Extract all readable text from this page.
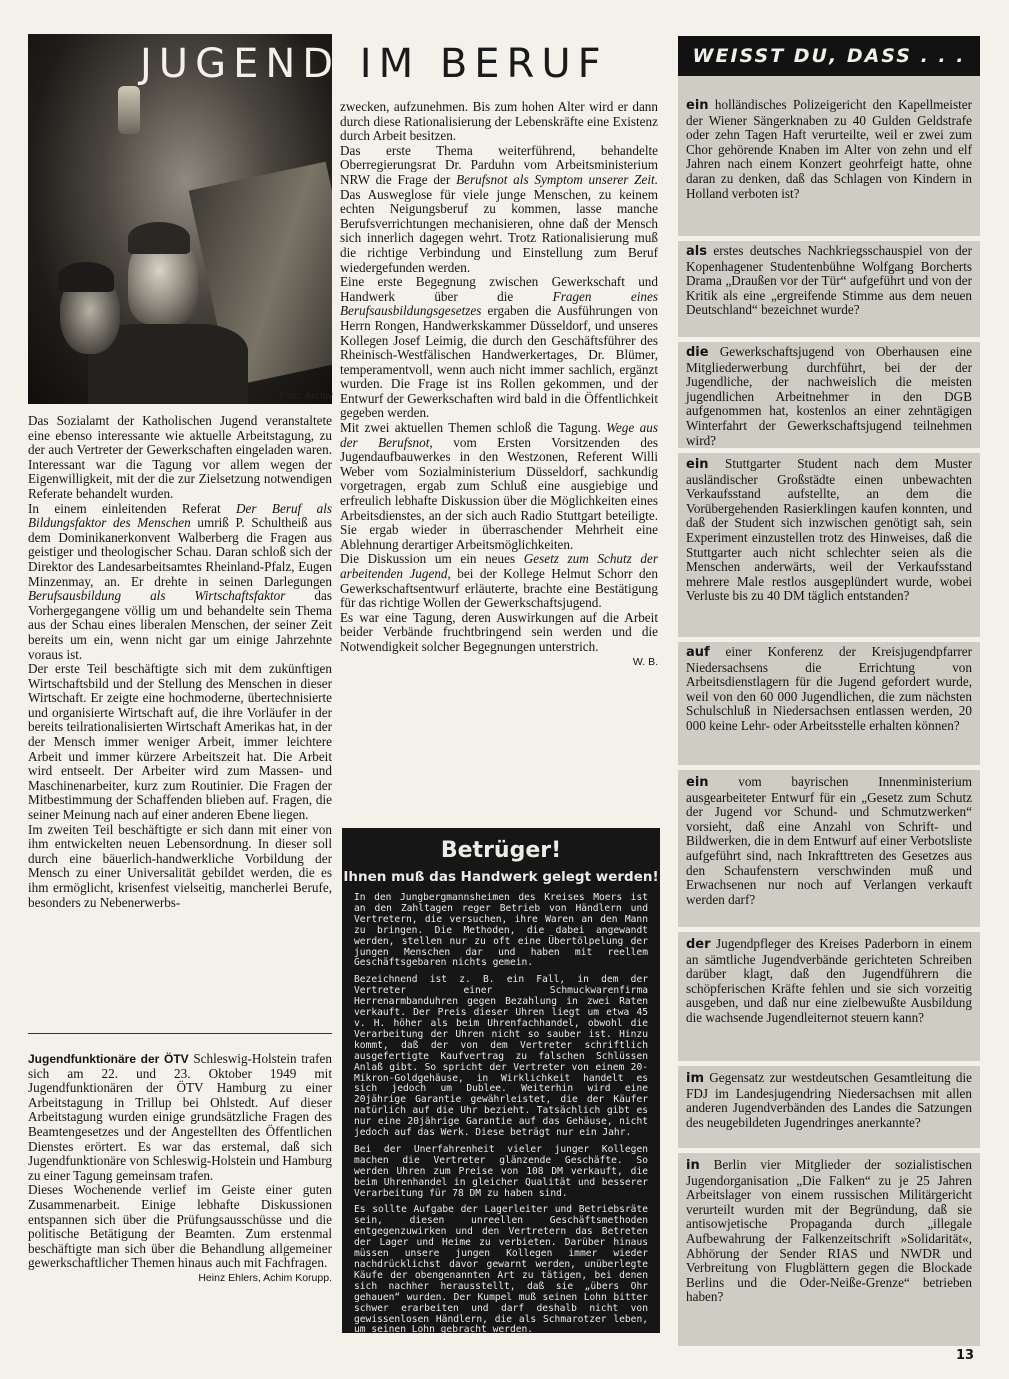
JUGEND IM BERUF
Foto: Archiv

Das Sozialamt der Katholischen Jugend veranstaltete eine ebenso interessante wie aktuelle Arbeitstagung, zu der auch Vertreter der Gewerkschaften eingeladen waren. Interessant war die Tagung vor allem wegen der Eigenwilligkeit, mit der die zur Zielsetzung notwendigen Referate behandelt wurden.

In einem einleitenden Referat Der Beruf als Bildungsfaktor des Menschen umriß P. Schultheiß aus dem Dominikanerkonvent Walberberg die Fragen aus geistiger und theologischer Schau. Daran schloß sich der Direktor des Landesarbeitsamtes Rheinland-Pfalz, Eugen Minzenmay, an. Er drehte in seinen Darlegungen Berufsausbildung als Wirtschaftsfaktor das Vorhergegangene völlig um und behandelte sein Thema aus der Schau eines liberalen Menschen, der seiner Zeit bereits um ein, wenn nicht gar um einige Jahrzehnte voraus ist.

Der erste Teil beschäftigte sich mit dem zukünftigen Wirtschaftsbild und der Stellung des Menschen in dieser Wirtschaft. Er zeigte eine hochmoderne, übertechnisierte und organisierte Wirtschaft auf, die ihre Vorläufer in der bereits teilrationalisierten Wirtschaft Amerikas hat, in der der Mensch immer weniger Arbeit, immer leichtere Arbeit und immer kürzere Arbeitszeit hat. Die Arbeit wird entseelt. Der Arbeiter wird zum Massen- und Maschinenarbeiter, kurz zum Routinier. Die Fragen der Mitbestimmung der Schaffenden blieben auf. Fragen, die seiner Meinung nach auf einer anderen Ebene liegen.

Im zweiten Teil beschäftigte er sich dann mit einer von ihm entwickelten neuen Lebensordnung. In dieser soll durch eine bäuerlich-handwerkliche Vorbildung der Mensch zu einer Universalität gebildet werden, die es ihm ermöglicht, krisenfest vielseitig, mancherlei Berufe, besonders zu Nebenerwerbs-

Jugendfunktionäre der ÖTV Schleswig-Holstein trafen sich am 22. und 23. Oktober 1949 mit Jugendfunktionären der ÖTV Hamburg zu einer Arbeitstagung in Trillup bei Ohlstedt. Auf dieser Arbeitstagung wurden einige grundsätzliche Fragen des Beamtengesetzes und der Angestellten des Öffentlichen Dienstes erörtert. Es war das erstemal, daß sich Jugendfunktionäre von Schleswig-Holstein und Hamburg zu einer Tagung gemeinsam trafen.

Dieses Wochenende verlief im Geiste einer guten Zusammenarbeit. Einige lebhafte Diskussionen entspannen sich über die Prüfungsausschüsse und die politische Betätigung der Beamten. Zum erstenmal beschäftigte man sich über die Behandlung allgemeiner gewerkschaftlicher Themen hinaus auch mit Fachfragen.

Heinz Ehlers, Achim Korupp.

zwecken, aufzunehmen. Bis zum hohen Alter wird er dann durch diese Rationalisierung der Lebenskräfte eine Existenz durch Arbeit besitzen.

Das erste Thema weiterführend, behandelte Oberregierungsrat Dr. Parduhn vom Arbeitsministerium NRW die Frage der Berufsnot als Symptom unserer Zeit. Das Ausweglose für viele junge Menschen, zu keinem echten Neigungsberuf zu kommen, lasse manche Berufsverrichtungen mechanisieren, ohne daß der Mensch sich innerlich dagegen wehrt. Trotz Rationalisierung muß die richtige Verbindung und Einstellung zum Beruf wiedergefunden werden.

Eine erste Begegnung zwischen Gewerkschaft und Handwerk über die Fragen eines Berufsausbildungsgesetzes ergaben die Ausführungen von Herrn Rongen, Handwerkskammer Düsseldorf, und unseres Kollegen Josef Leimig, die durch den Geschäftsführer des Rheinisch-Westfälischen Handwerkertages, Dr. Blümer, temperamentvoll, wenn auch nicht immer sachlich, ergänzt wurden. Die Frage ist ins Rollen gekommen, und der Entwurf der Gewerkschaften wird bald in die Öffentlichkeit gegeben werden.

Mit zwei aktuellen Themen schloß die Tagung. Wege aus der Berufsnot, vom Ersten Vorsitzenden des Jugendaufbauwerkes in den Westzonen, Referent Willi Weber vom Sozialministerium Düsseldorf, sachkundig vorgetragen, ergab zum Schluß eine ausgiebige und erfreulich lebhafte Diskussion über die Möglichkeiten eines Arbeitsdienstes, an der sich auch Radio Stuttgart beteiligte. Sie ergab wieder in überraschender Mehrheit eine Ablehnung derartiger Arbeitsmöglichkeiten.

Die Diskussion um ein neues Gesetz zum Schutz der arbeitenden Jugend, bei der Kollege Helmut Schorr den Gewerkschaftsentwurf erläuterte, brachte eine Bestätigung für das richtige Wollen der Gewerkschaftsjugend.

Es war eine Tagung, deren Auswirkungen auf die Arbeit beider Verbände fruchtbringend sein werden und die Notwendigkeit solcher Begegnungen unterstrich.

W. B.

Betrüger!
Ihnen muß das Handwerk gelegt werden!

In den Jungbergmannsheimen des Kreises Moers ist an den Zahltagen reger Betrieb von Händlern und Vertretern, die versuchen, ihre Waren an den Mann zu bringen. Die Methoden, die dabei angewandt werden, stellen nur zu oft eine Übertölpelung der jungen Menschen dar und haben mit reellem Geschäftsgebaren nichts gemein.

Bezeichnend ist z. B. ein Fall, in dem der Vertreter einer Schmuckwarenfirma Herrenarmbanduhren gegen Bezahlung in zwei Raten verkauft. Der Preis dieser Uhren liegt um etwa 45 v. H. höher als beim Uhrenfachhandel, obwohl die Verarbeitung der Uhren nicht so sauber ist. Hinzu kommt, daß der von dem Vertreter schriftlich ausgefertigte Kaufvertrag zu falschen Schlüssen Anlaß gibt. So spricht der Vertreter von einem 20-Mikron-Goldgehäuse, in Wirklichkeit handelt es sich jedoch um Dublee. Weiterhin wird eine 20jährige Garantie gewährleistet, die der Käufer natürlich auf die Uhr bezieht. Tatsächlich gibt es nur eine 20jährige Garantie auf das Gehäuse, nicht jedoch auf das Werk. Diese beträgt nur ein Jahr.

Bei der Unerfahrenheit vieler junger Kollegen machen die Vertreter glänzende Geschäfte. So werden Uhren zum Preise von 108 DM verkauft, die beim Uhrenhandel in gleicher Qualität und besserer Verarbeitung für 78 DM zu haben sind.

Es sollte Aufgabe der Lagerleiter und Betriebsräte sein, diesen unreellen Geschäftsmethoden entgegenzuwirken und den Vertretern das Betreten der Lager und Heime zu verbieten. Darüber hinaus müssen unsere jungen Kollegen immer wieder nachdrücklichst davor gewarnt werden, unüberlegte Käufe der obengenannten Art zu tätigen, bei denen sich nachher herausstellt, daß sie „übers Ohr gehauen“ wurden. Der Kumpel muß seinen Lohn bitter schwer erarbeiten und darf deshalb nicht von gewissenlosen Händlern, die als Schmarotzer leben, um seinen Lohn gebracht werden.

WEISST DU, DASS . . .
ein holländisches Polizeigericht den Kapellmeister der Wiener Sängerknaben zu 40 Gulden Geldstrafe oder zehn Tagen Haft verurteilte, weil er zwei zum Chor gehörende Knaben im Alter von zehn und elf Jahren nach einem Konzert geohrfeigt hatte, ohne daran zu denken, daß das Schlagen von Kindern in Holland verboten ist?
als erstes deutsches Nachkriegsschauspiel von der Kopenhagener Studentenbühne Wolfgang Borcherts Drama „Draußen vor der Tür“ aufgeführt und von der Kritik als eine „ergreifende Stimme aus dem neuen Deutschland“ bezeichnet wurde?
die Gewerkschaftsjugend von Oberhausen eine Mitgliederwerbung durchführt, bei der der Jugendliche, der nachweislich die meisten jugendlichen Arbeitnehmer in den DGB aufgenommen hat, kostenlos an einer zehntägigen Winterfahrt der Gewerkschaftsjugend teilnehmen wird?
ein Stuttgarter Student nach dem Muster ausländischer Großstädte einen unbewachten Verkaufsstand aufstellte, an dem die Vorübergehenden Rasierklingen kaufen konnten, und daß der Student sich inzwischen genötigt sah, sein Experiment einzustellen trotz des Hinweises, daß die Stuttgarter auch nicht schlechter seien als die Menschen anderwärts, weil der Verkaufsstand mehrere Male restlos ausgeplündert wurde, wobei Verluste bis zu 40 DM täglich entstanden?
auf einer Konferenz der Kreisjugendpfarrer Niedersachsens die Errichtung von Arbeitsdienstlagern für die Jugend gefordert wurde, weil von den 60 000 Jugendlichen, die zum nächsten Schulschluß in Niedersachsen entlassen werden, 20 000 keine Lehr- oder Arbeitsstelle erhalten können?
ein vom bayrischen Innenministerium ausgearbeiteter Entwurf für ein „Gesetz zum Schutz der Jugend vor Schund- und Schmutzwerken“ vorsieht, daß eine Anzahl von Schrift- und Bildwerken, die in dem Entwurf auf einer Verbotsliste aufgeführt sind, nach Inkrafttreten des Gesetzes aus den Schaufenstern verschwinden muß und Erwachsenen nur noch auf Verlangen verkauft werden darf?
der Jugendpfleger des Kreises Paderborn in einem an sämtliche Jugendverbände gerichteten Schreiben darüber klagt, daß den Jugendführern die schöpferischen Kräfte fehlen und sie sich vorzeitig ausgeben, und daß nur eine zielbewußte Ausbildung die wachsende Jugendleiternot steuern kann?
im Gegensatz zur westdeutschen Gesamtleitung die FDJ im Landesjugendring Niedersachsen mit allen anderen Jugendverbänden des Landes die Satzungen des neugebildeten Jugendringes anerkannte?
in Berlin vier Mitglieder der sozialistischen Jugendorganisation „Die Falken“ zu je 25 Jahren Arbeitslager von einem russischen Militärgericht verurteilt wurden mit der Begründung, daß sie antisowjetische Propaganda durch „illegale Aufbewahrung der Falkenzeitschrift »Solidarität«, Abhörung der Sender RIAS und NWDR und Verbreitung von Flugblättern gegen die Blockade Berlins und die Oder-Neiße-Grenze“ betrieben haben?
13
